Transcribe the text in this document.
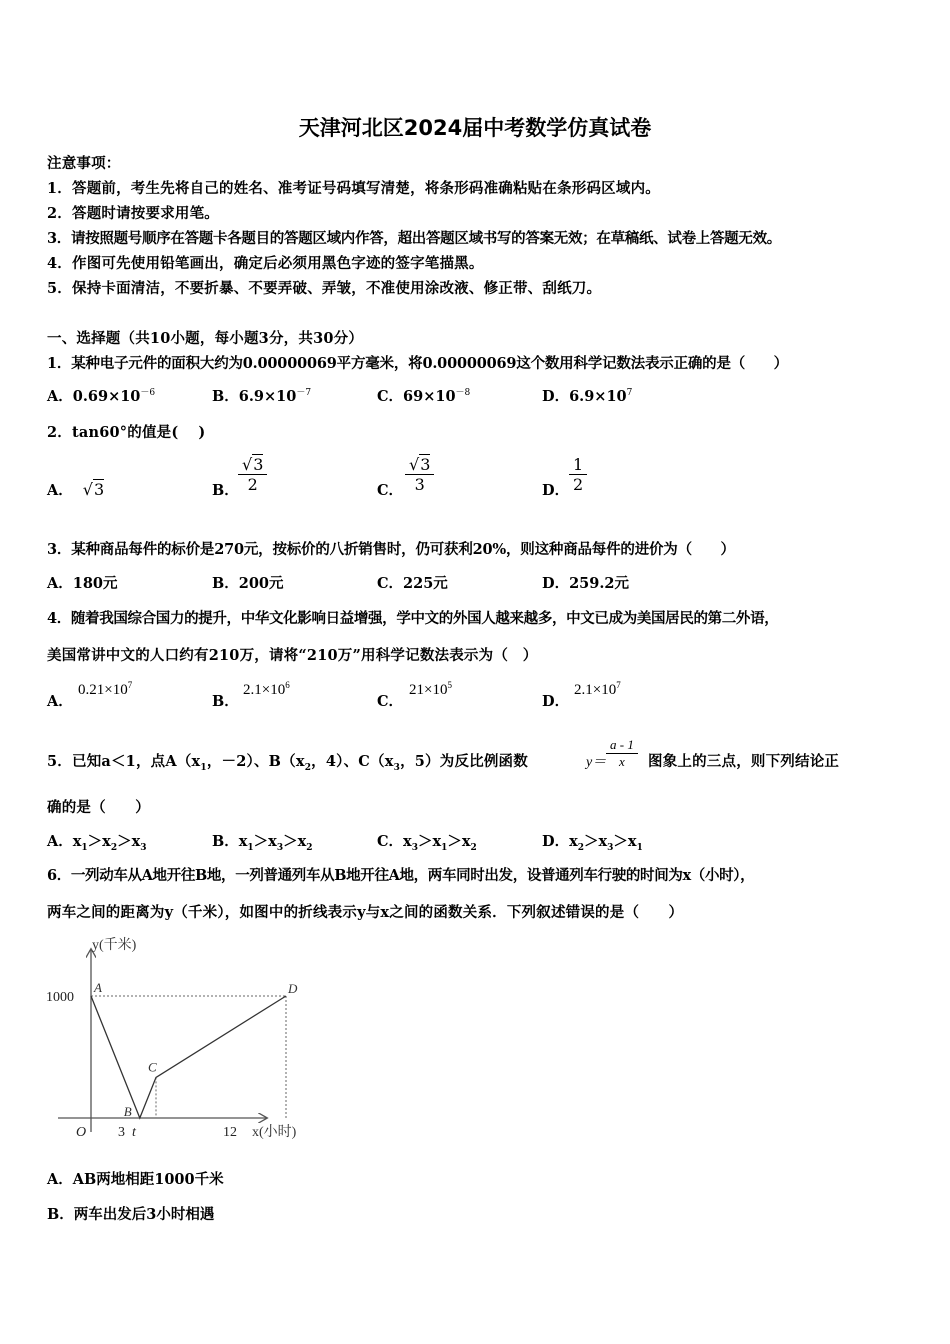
天津河北区2024届中考数学仿真试卷
注意事项：
1．答题前，考生先将自己的姓名、准考证号码填写清楚，将条形码准确粘贴在条形码区域内。
2．答题时请按要求用笔。
3．请按照题号顺序在答题卡各题目的答题区域内作答，超出答题区域书写的答案无效；在草稿纸、试卷上答题无效。
4．作图可先使用铅笔画出，确定后必须用黑色字迹的签字笔描黑。
5．保持卡面清洁，不要折暴、不要弄破、弄皱，不准使用涂改液、修正带、刮纸刀。
一、选择题（共10小题，每小题3分，共30分）
1．某种电子元件的面积大约为0.00000069平方毫米，将0.00000069这个数用科学记数法表示正确的是（　　）
A．$0.69\times 10^{-6}$	B．$6.9\times 10^{-7}$	C．$69\times 10^{-8}$	D．$6.9\times 10^7$
2．tan60°的值是(　 )
A． √3	B． $\frac{√3}{2}$	C． $\frac{√3}{3}$	D． $\frac{1}{2}$
3．某种商品每件的标价是270元，按标价的八折销售时，仍可获利20%，则这种商品每件的进价为（　　）
A．180元	B．200元	C．225元	D．259.2元
4．随着我国综合国力的提升，中华文化影响日益增强，学中文的外国人越来越多，中文已成为美国居民的第二外语，
美国常讲中文的人口约有210万，请将“210万”用科学记数法表示为（　）
A．
$0.21\times 10^7$
B．
$2.1\times 10^6$
C．
$21\times 10^5$
D．
$2.1\times 10^7$
5．已知a＜1，点$A(x_1$，－2）、$B(x_2$，4）、$C(x_3$，5）为反比例函数	$y= \frac{a - 1}{x}$ 图象上的三点，则下列结论正
确的是（　　）
A．$x_1>x_2>x_3$	B．$x_1>x_3>x_2$	C．$x_3>x_1>x_2$	D．$x_2>x_3>x_1$
6．一列动车从A地开往B地，一列普通列车从B地开往A地，两车同时出发，设普通列车行驶的时间为x（小时），
两车之间的距离为y（千米），如图中的折线表示y与x之间的函数关系．下列叙述错误的是（　　）
y(千米)
x(小时)
1000
O 3 t	12
A
B
C
D
A．AB两地相距1000千米
B．两车出发后3小时相遇
